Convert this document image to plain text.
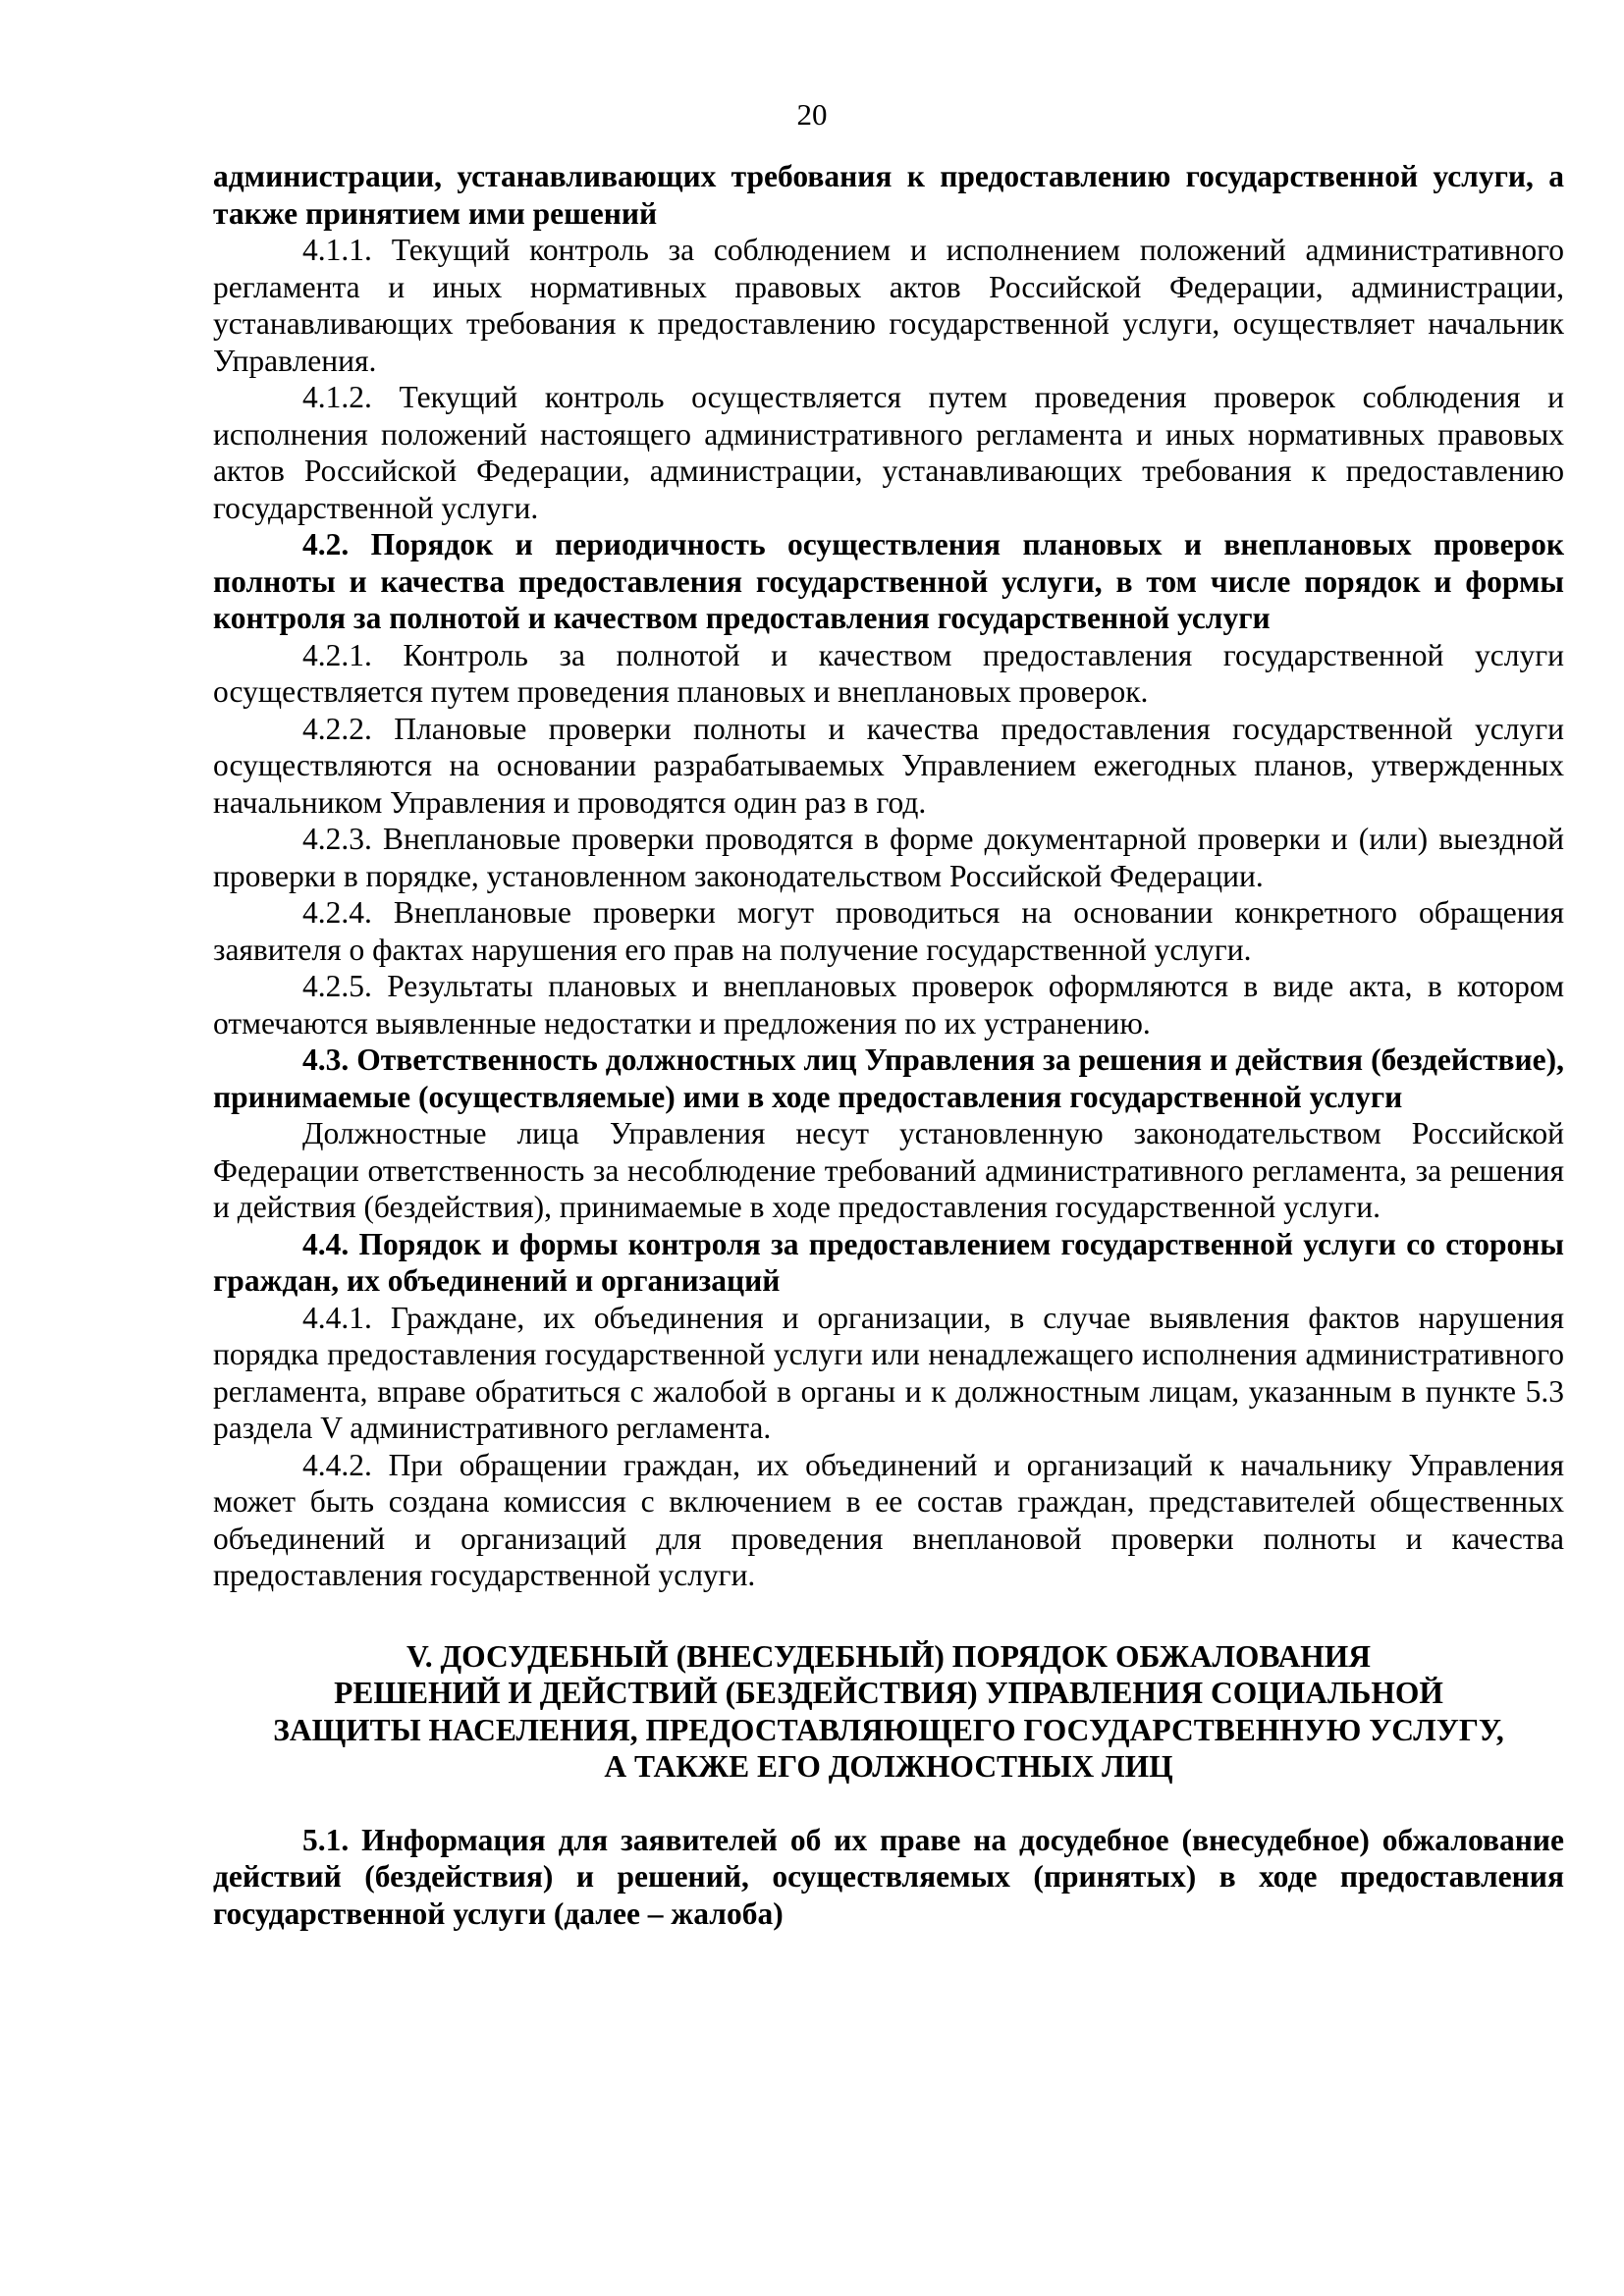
20

администрации, устанавливающих требования к предоставлению государственной услуги, а также принятием ими решений

4.1.1. Текущий контроль за соблюдением и исполнением положений административного регламента и иных нормативных правовых актов Российской Федерации, администрации, устанавливающих требования к предоставлению государственной услуги, осуществляет начальник Управления.

4.1.2. Текущий контроль осуществляется путем проведения проверок соблюдения и исполнения положений настоящего административного регламента и иных нормативных правовых актов Российской Федерации, администрации, устанавливающих требования к предоставлению государственной услуги.

4.2. Порядок и периодичность осуществления плановых и внеплановых проверок полноты и качества предоставления государственной услуги, в том числе порядок и формы контроля за полнотой и качеством предоставления государственной услуги

4.2.1. Контроль за полнотой и качеством предоставления государственной услуги осуществляется путем проведения плановых и внеплановых проверок.

4.2.2. Плановые проверки полноты и качества предоставления государственной услуги осуществляются на основании разрабатываемых Управлением ежегодных планов, утвержденных начальником Управления и проводятся один раз в год.

4.2.3. Внеплановые проверки проводятся в форме документарной проверки и (или) выездной проверки в порядке, установленном законодательством Российской Федерации.

4.2.4. Внеплановые проверки могут проводиться на основании конкретного обращения заявителя о фактах нарушения его прав на получение государственной услуги.

4.2.5. Результаты плановых и внеплановых проверок оформляются в виде акта, в котором отмечаются выявленные недостатки и предложения по их устранению.

4.3. Ответственность должностных лиц Управления за решения и действия (бездействие), принимаемые (осуществляемые) ими в ходе предоставления государственной услуги

Должностные лица Управления несут установленную законодательством Российской Федерации ответственность за несоблюдение требований административного регламента, за решения и действия (бездействия), принимаемые в ходе предоставления государственной услуги.

4.4. Порядок и формы контроля за предоставлением государственной услуги со стороны граждан, их объединений и организаций

4.4.1. Граждане, их объединения и организации, в случае выявления фактов нарушения порядка предоставления государственной услуги или ненадлежащего исполнения административного регламента, вправе обратиться с жалобой в органы и к должностным лицам, указанным в пункте 5.3 раздела V административного регламента.

4.4.2. При обращении граждан, их объединений и организаций к начальнику Управления может быть создана комиссия с включением в ее состав граждан, представителей общественных объединений и организаций для проведения внеплановой проверки полноты и качества предоставления государственной услуги.

V. ДОСУДЕБНЫЙ (ВНЕСУДЕБНЫЙ) ПОРЯДОК ОБЖАЛОВАНИЯ
РЕШЕНИЙ И ДЕЙСТВИЙ (БЕЗДЕЙСТВИЯ) УПРАВЛЕНИЯ СОЦИАЛЬНОЙ
ЗАЩИТЫ НАСЕЛЕНИЯ, ПРЕДОСТАВЛЯЮЩЕГО ГОСУДАРСТВЕННУЮ УСЛУГУ,
А ТАКЖЕ ЕГО ДОЛЖНОСТНЫХ ЛИЦ

5.1. Информация для заявителей об их праве на досудебное (внесудебное) обжалование действий (бездействия) и решений, осуществляемых (принятых) в ходе предоставления государственной услуги (далее – жалоба)
